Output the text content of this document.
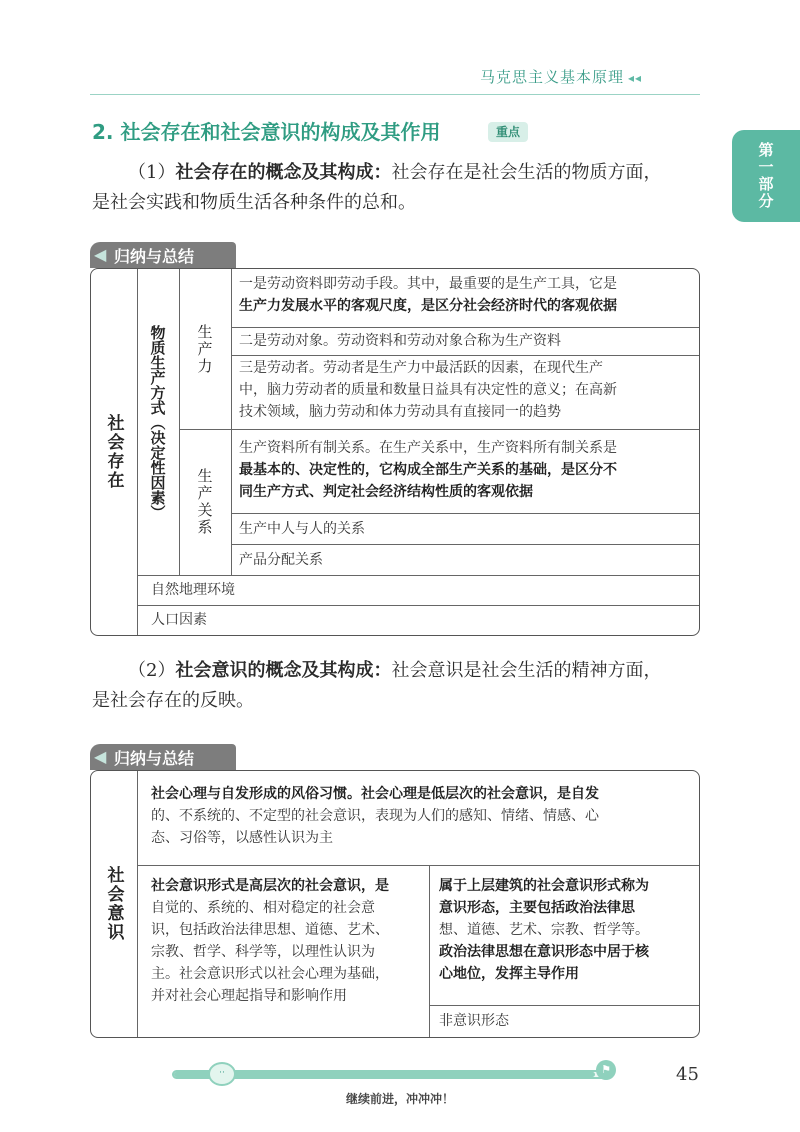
马克思主义基本原理 ◂◂
第一部分
2. 社会存在和社会意识的构成及其作用	重点
（1）社会存在的概念及其构成：社会存在是社会生活的物质方面，
是社会实践和物质生活各种条件的总和。
◀ 归纳与总结
社会存在 物质生产方式（决定性因素） 生产力
生产关系
一是劳动资料即劳动手段。其中，最重要的是生产工具，它是
生产力发展水平的客观尺度，是区分社会经济时代的客观依据
二是劳动对象。劳动资料和劳动对象合称为生产资料
三是劳动者。劳动者是生产力中最活跃的因素，在现代生产
中，脑力劳动者的质量和数量日益具有决定性的意义；在高新
技术领域，脑力劳动和体力劳动具有直接同一的趋势
生产资料所有制关系。在生产关系中，生产资料所有制关系是
最基本的、决定性的，它构成全部生产关系的基础，是区分不
同生产方式、判定社会经济结构性质的客观依据
生产中人与人的关系
产品分配关系
自然地理环境
人口因素
（2）社会意识的概念及其构成：社会意识是社会生活的精神方面，
是社会存在的反映。
◀ 归纳与总结
社会意识
社会心理与自发形成的风俗习惯。社会心理是低层次的社会意识，是自发
的、不系统的、不定型的社会意识，表现为人们的感知、情绪、情感、心
态、习俗等，以感性认识为主
社会意识形式是高层次的社会意识，是
自觉的、系统的、相对稳定的社会意
识，包括政治法律思想、道德、艺术、
宗教、哲学、科学等，以理性认识为
主。社会意识形式以社会心理为基础，
并对社会心理起指导和影响作用
属于上层建筑的社会意识形式称为
意识形态，主要包括政治法律思
想、道德、艺术、宗教、哲学等。
政治法律思想在意识形态中居于核
心地位，发挥主导作用
非意识形态
··	⚑
继续前进，冲冲冲！
45
